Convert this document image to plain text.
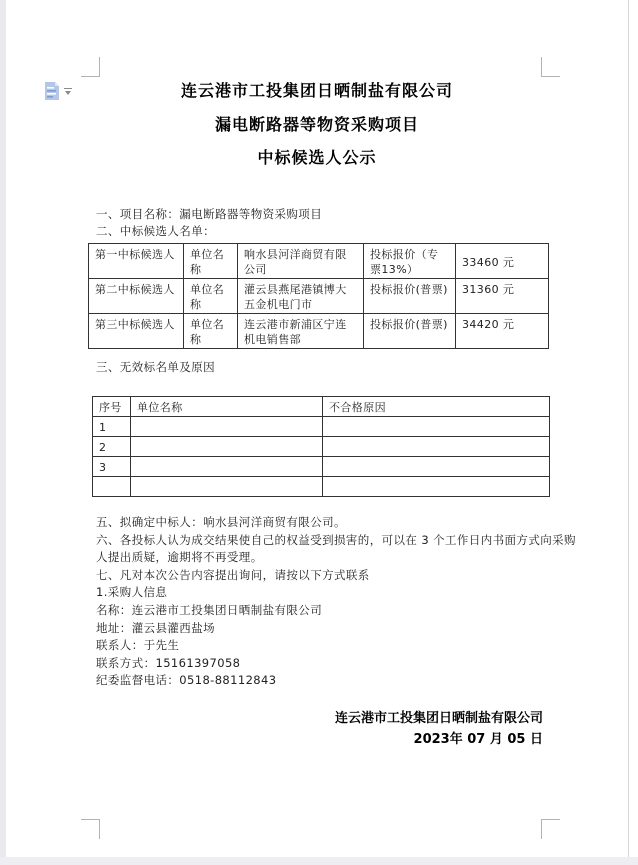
连云港市工投集团日晒制盐有限公司
漏电断路器等物资采购项目
中标候选人公示
一、项目名称：漏电断路器等物资采购项目
二、中标候选人名单：
三、无效标名单及原因
第一中标候选人	单位名称	响水县河洋商贸有限公司	投标报价（专票13%）	33460 元
第二中标候选人	单位名称	灌云县燕尾港镇博大五金机电门市	投标报价(普票)	31360 元
第三中标候选人	单位名称	连云港市新浦区宁连机电销售部	投标报价(普票)	34420 元
序号	单位名称	不合格原因
1		
2		
3		

五、拟确定中标人：响水县河洋商贸有限公司。
六、各投标人认为成交结果使自己的权益受到损害的，可以在 3 个工作日内书面方式向采购
人提出质疑，逾期将不再受理。
七、凡对本次公告内容提出询问，请按以下方式联系
1.采购人信息
名称：连云港市工投集团日晒制盐有限公司
地址：灌云县灌西盐场
联系人：于先生
联系方式：15161397058
纪委监督电话：0518-88112843
连云港市工投集团日晒制盐有限公司
2023年 07 月 05 日
